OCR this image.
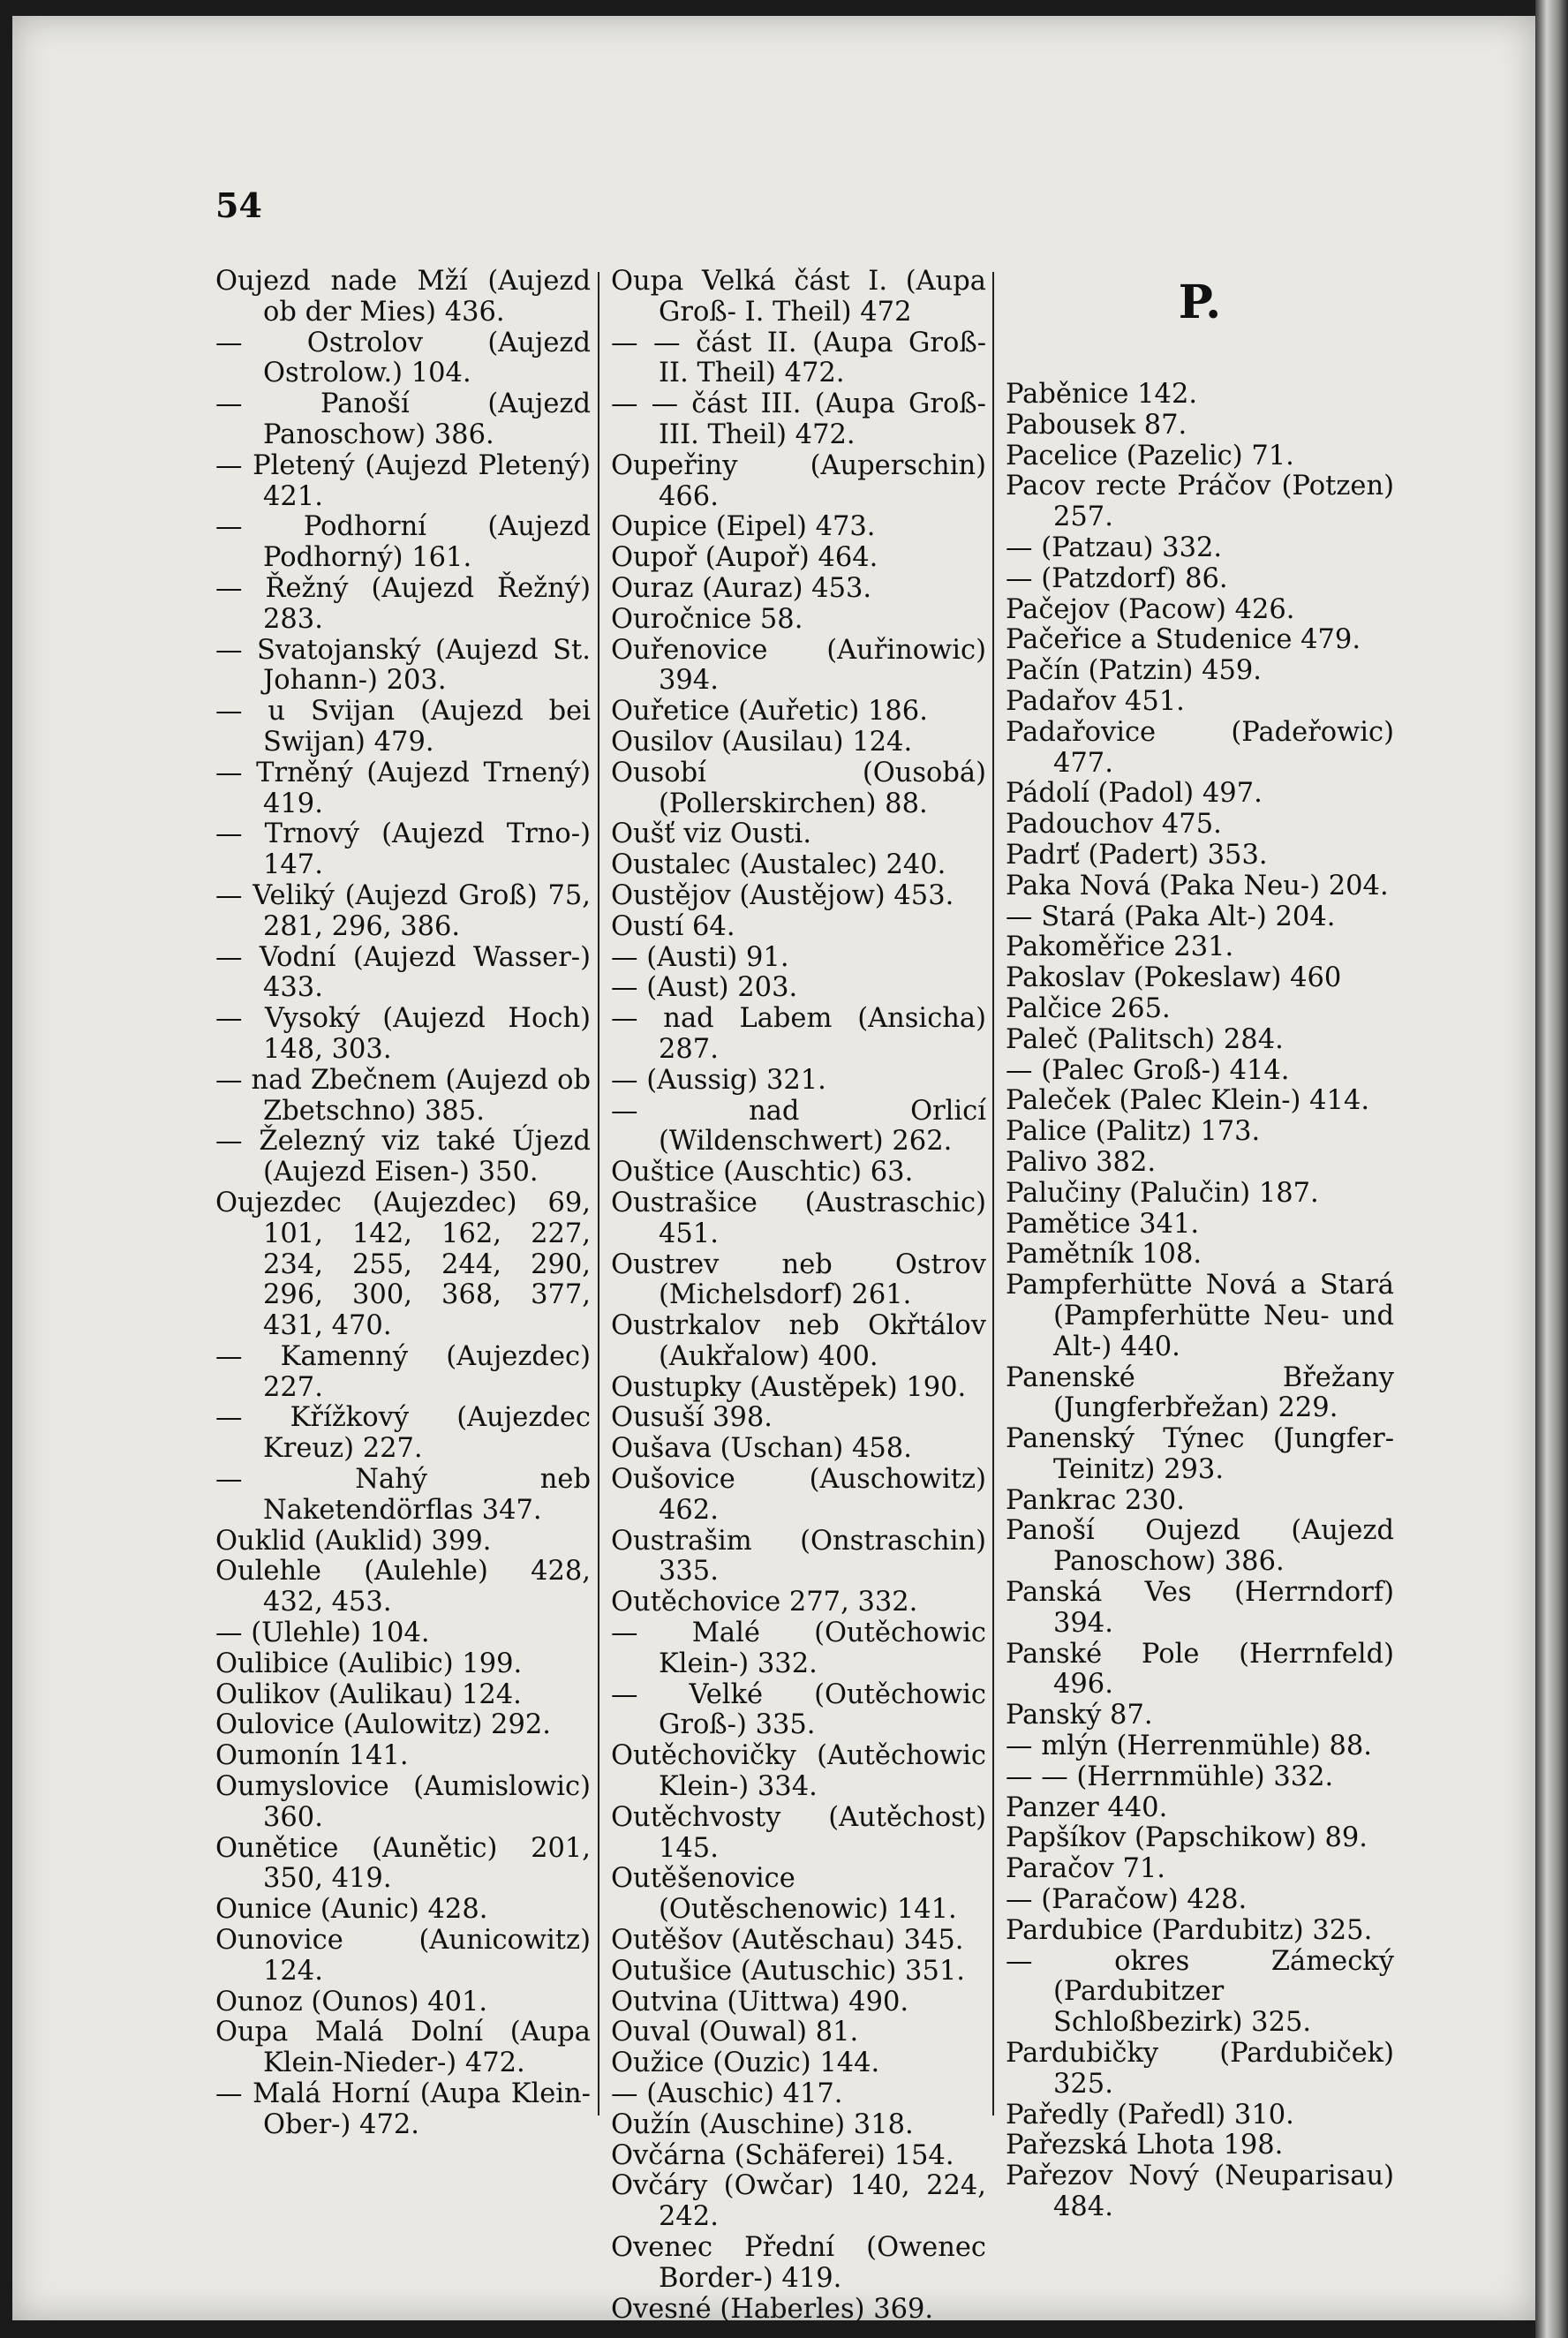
54

Oujezd nade Mží (Aujezd ob der Mies) 436.

— Ostrolov (Aujezd Ostrolow.) 104.

— Panoší (Aujezd Panoschow) 386.

— Pletený (Aujezd Pletený) 421.

— Podhorní (Aujezd Podhorný) 161.

— Řežný (Aujezd Řežný) 283.

— Svatojanský (Aujezd St. Johann-) 203.

— u Svijan (Aujezd bei Swijan) 479.

— Trněný (Aujezd Trnený) 419.

— Trnový (Aujezd Trno-) 147.

— Veliký (Aujezd Groß) 75, 281, 296, 386.

— Vodní (Aujezd Wasser-) 433.

— Vysoký (Aujezd Hoch) 148, 303.

— nad Zbečnem (Aujezd ob Zbetschno) 385.

— Železný viz také Újezd (Aujezd Eisen-) 350.

Oujezdec (Aujezdec) 69, 101, 142, 162, 227, 234, 255, 244, 290, 296, 300, 368, 377, 431, 470.

— Kamenný (Aujezdec) 227.

— Křížkový (Aujezdec Kreuz) 227.

— Nahý neb Naketendörflas 347.

Ouklid (Auklid) 399.

Oulehle (Aulehle) 428, 432, 453.

— (Ulehle) 104.

Oulibice (Aulibic) 199.

Oulikov (Aulikau) 124.

Oulovice (Aulowitz) 292.

Oumonín 141.

Oumyslovice (Aumislowic) 360.

Ounětice (Aunětic) 201, 350, 419.

Ounice (Aunic) 428.

Ounovice (Aunicowitz) 124.

Ounoz (Ounos) 401.

Oupa Malá Dolní (Aupa Klein-Nieder-) 472.

— Malá Horní (Aupa Klein-Ober-) 472.

Oupa Velká část I. (Aupa Groß- I. Theil) 472

— — část II. (Aupa Groß- II. Theil) 472.

— — část III. (Aupa Groß- III. Theil) 472.

Oupeřiny (Auperschin) 466.

Oupice (Eipel) 473.

Oupoř (Aupoř) 464.

Ouraz (Auraz) 453.

Ouročnice 58.

Ouřenovice (Auřinowic) 394.

Ouřetice (Auřetic) 186.

Ousilov (Ausilau) 124.

Ousobí (Ousobá) (Pollerskirchen) 88.

Oušť viz Ousti.

Oustalec (Austalec) 240.

Oustějov (Austějow) 453.

Oustí 64.

— (Austi) 91.

— (Aust) 203.

— nad Labem (Ansicha) 287.

— (Aussig) 321.

— nad Orlicí (Wildenschwert) 262.

Ouštice (Auschtic) 63.

Oustrašice (Austraschic) 451.

Oustrev neb Ostrov (Michelsdorf) 261.

Oustrkalov neb Okřtálov (Aukřalow) 400.

Oustupky (Austěpek) 190.

Ousuší 398.

Oušava (Uschan) 458.

Oušovice (Auschowitz) 462.

Oustrašim (Onstraschin) 335.

Outěchovice 277, 332.

— Malé (Outěchowic Klein-) 332.

— Velké (Outěchowic Groß-) 335.

Outěchovičky (Autěchowic Klein-) 334.

Outěchvosty (Autěchost) 145.

Outěšenovice (Outěschenowic) 141.

Outěšov (Autěschau) 345.

Outušice (Autuschic) 351.

Outvina (Uittwa) 490.

Ouval (Ouwal) 81.

Oužice (Ouzic) 144.

— (Auschic) 417.

Oužín (Auschine) 318.

Ovčárna (Schäferei) 154.

Ovčáry (Owčar) 140, 224, 242.

Ovenec Přední (Owenec Border-) 419.

Ovesné (Haberles) 369.

P.

Paběnice 142.

Pabousek 87.

Pacelice (Pazelic) 71.

Pacov recte Práčov (Potzen) 257.

— (Patzau) 332.

— (Patzdorf) 86.

Pačejov (Pacow) 426.

Pačeřice a Studenice 479.

Pačín (Patzin) 459.

Padařov 451.

Padařovice (Padeřowic) 477.

Pádolí (Padol) 497.

Padouchov 475.

Padrť (Padert) 353.

Paka Nová (Paka Neu-) 204.

— Stará (Paka Alt-) 204.

Pakoměřice 231.

Pakoslav (Pokeslaw) 460

Palčice 265.

Paleč (Palitsch) 284.

— (Palec Groß-) 414.

Paleček (Palec Klein-) 414.

Palice (Palitz) 173.

Palivo 382.

Palučiny (Palučin) 187.

Pamětice 341.

Pamětník 108.

Pampferhütte Nová a Stará (Pampferhütte Neu- und Alt-) 440.

Panenské Břežany (Jungferbřežan) 229.

Panenský Týnec (Jungfer-Teinitz) 293.

Pankrac 230.

Panoší Oujezd (Aujezd Panoschow) 386.

Panská Ves (Herrndorf) 394.

Panské Pole (Herrnfeld) 496.

Panský 87.

— mlýn (Herrenmühle) 88.

— — (Herrnmühle) 332.

Panzer 440.

Papšíkov (Papschikow) 89.

Paračov 71.

— (Paračow) 428.

Pardubice (Pardubitz) 325.

— okres Zámecký (Pardubitzer Schloßbezirk) 325.

Pardubičky (Pardubiček) 325.

Paředly (Paředl) 310.

Pařezská Lhota 198.

Pařezov Nový (Neuparisau) 484.
